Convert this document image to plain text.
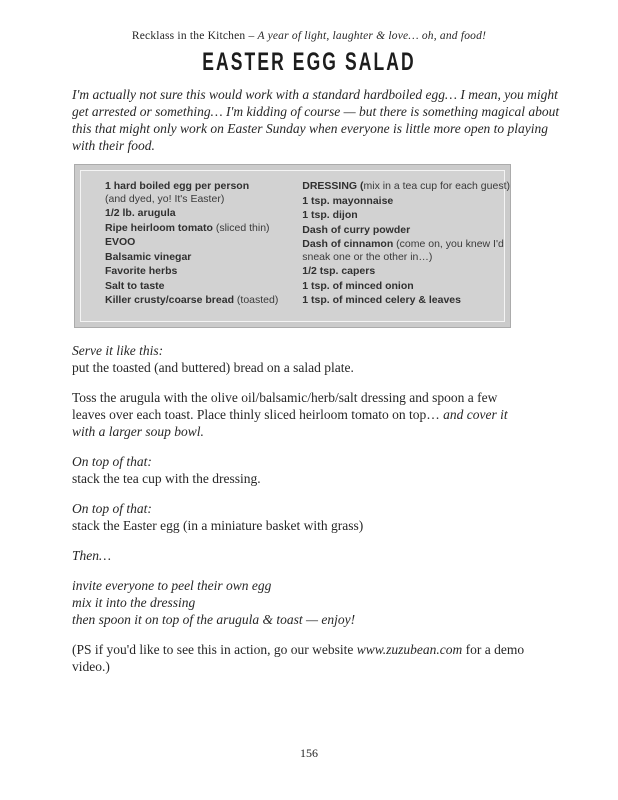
Recklass in the Kitchen – A year of light, laughter & love… oh, and food!
EASTER EGG SALAD
I'm actually not sure this would work with a standard hardboiled egg… I mean, you might
get arrested or something… I'm kidding of course — but there is something magical about
this that might only work on Easter Sunday when everyone is little more open to playing
with their food.
1 hard boiled egg per person
(and dyed, yo! It's Easter)
1/2 lb. arugula
Ripe heirloom tomato (sliced thin)
EVOO
Balsamic vinegar
Favorite herbs
Salt to taste
Killer crusty/coarse bread (toasted)
DRESSING (mix in a tea cup for each guest)
1 tsp. mayonnaise
1 tsp. dijon
Dash of curry powder
Dash of cinnamon (come on, you knew I'd
sneak one or the other in…)
1/2 tsp. capers
1 tsp. of minced onion
1 tsp. of minced celery & leaves
Serve it like this:
put the toasted (and buttered) bread on a salad plate.
Toss the arugula with the olive oil/balsamic/herb/salt dressing and spoon a few
leaves over each toast. Place thinly sliced heirloom tomato on top… and cover it
with a larger soup bowl.
On top of that:
stack the tea cup with the dressing.
On top of that:
stack the Easter egg (in a miniature basket with grass)
Then…
invite everyone to peel their own egg
mix it into the dressing
then spoon it on top of the arugula & toast — enjoy!
(PS if you'd like to see this in action, go our website www.zuzubean.com for a demo
video.)
156
